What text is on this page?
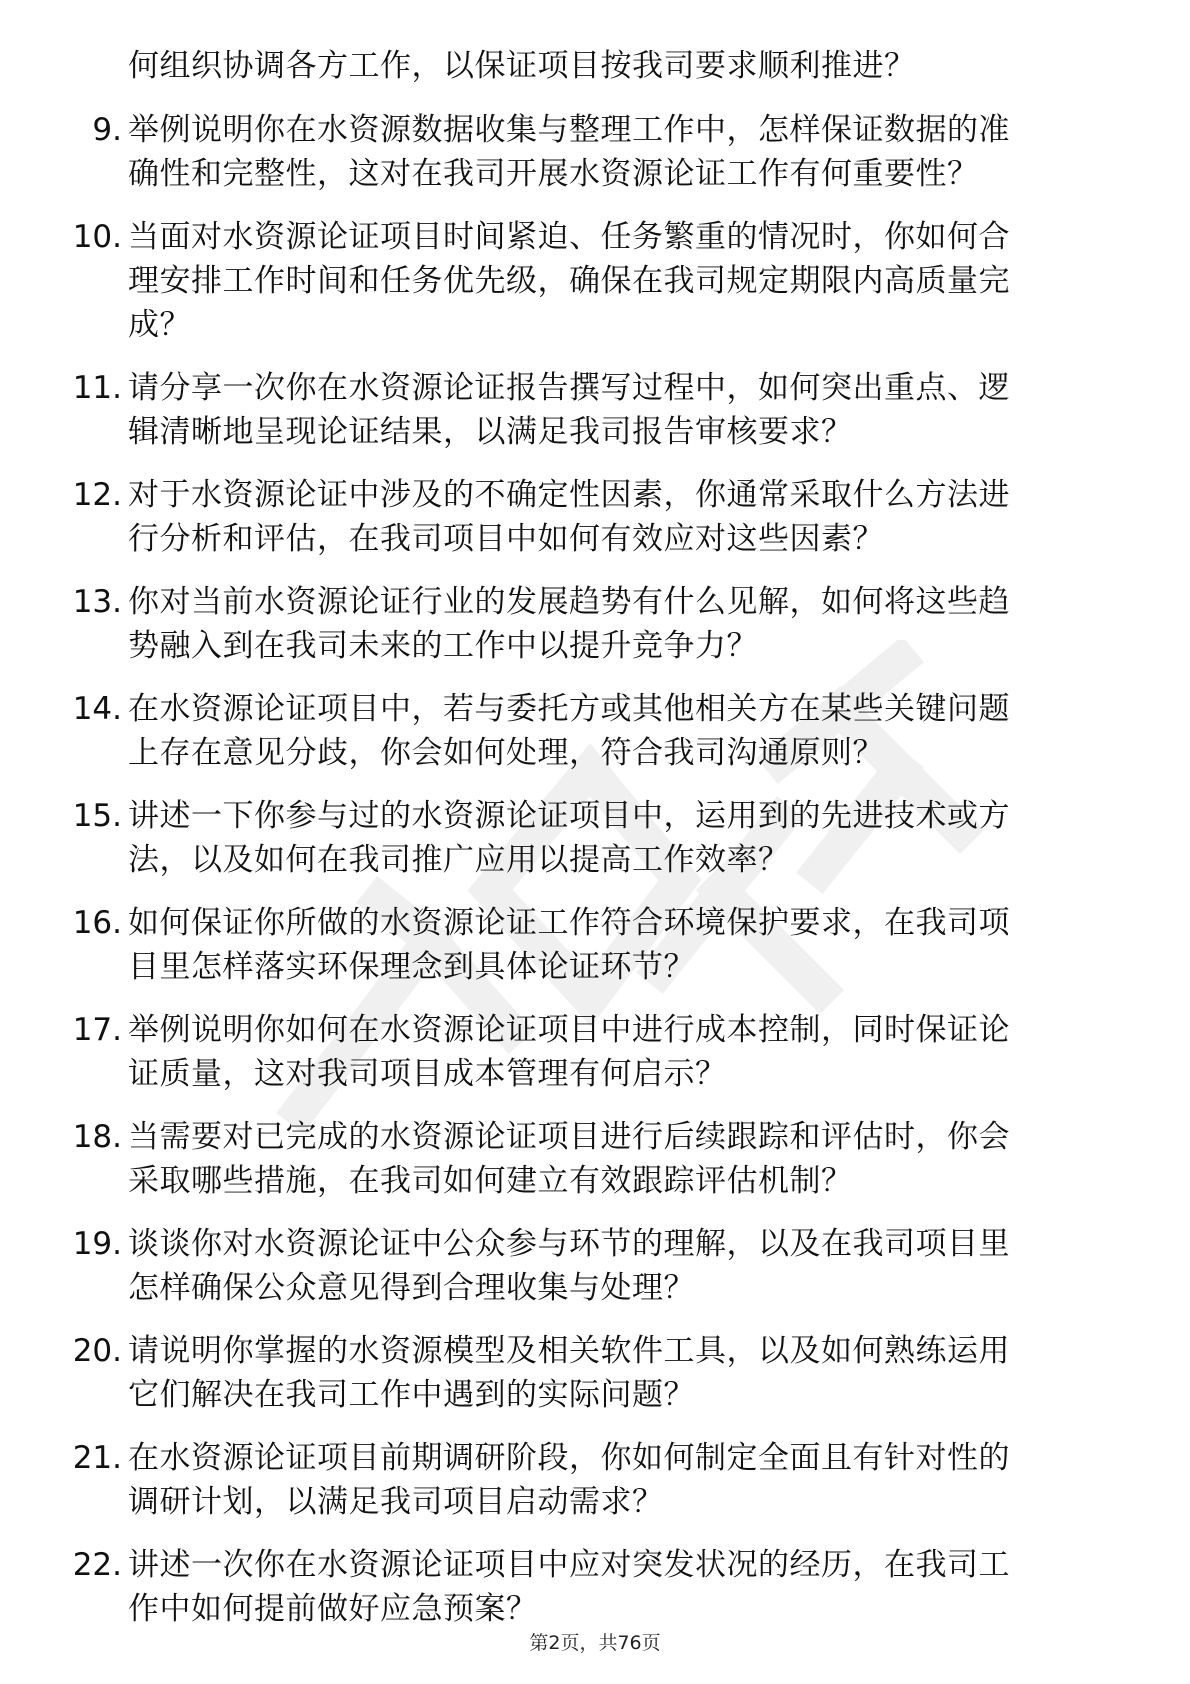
何组织协调各方工作，以保证项目按我司要求顺利推进？
9. 举例说明你在水资源数据收集与整理工作中，怎样保证数据的准
确性和完整性，这对在我司开展水资源论证工作有何重要性？
10. 当面对水资源论证项目时间紧迫、任务繁重的情况时，你如何合
理安排工作时间和任务优先级，确保在我司规定期限内高质量完
成？
11. 请分享一次你在水资源论证报告撰写过程中，如何突出重点、逻
辑清晰地呈现论证结果，以满足我司报告审核要求？
12. 对于水资源论证中涉及的不确定性因素，你通常采取什么方法进
行分析和评估，在我司项目中如何有效应对这些因素？
13. 你对当前水资源论证行业的发展趋势有什么见解，如何将这些趋
势融入到在我司未来的工作中以提升竞争力？
14. 在水资源论证项目中，若与委托方或其他相关方在某些关键问题
上存在意见分歧，你会如何处理，符合我司沟通原则？
15. 讲述一下你参与过的水资源论证项目中，运用到的先进技术或方
法，以及如何在我司推广应用以提高工作效率？
16. 如何保证你所做的水资源论证工作符合环境保护要求，在我司项
目里怎样落实环保理念到具体论证环节？
17. 举例说明你如何在水资源论证项目中进行成本控制，同时保证论
证质量，这对我司项目成本管理有何启示？
18. 当需要对已完成的水资源论证项目进行后续跟踪和评估时，你会
采取哪些措施，在我司如何建立有效跟踪评估机制？
19. 谈谈你对水资源论证中公众参与环节的理解，以及在我司项目里
怎样确保公众意见得到合理收集与处理？
20. 请说明你掌握的水资源模型及相关软件工具，以及如何熟练运用
它们解决在我司工作中遇到的实际问题？
21. 在水资源论证项目前期调研阶段，你如何制定全面且有针对性的
调研计划，以满足我司项目启动需求？
22. 讲述一次你在水资源论证项目中应对突发状况的经历，在我司工
作中如何提前做好应急预案？
第2页，共76页
